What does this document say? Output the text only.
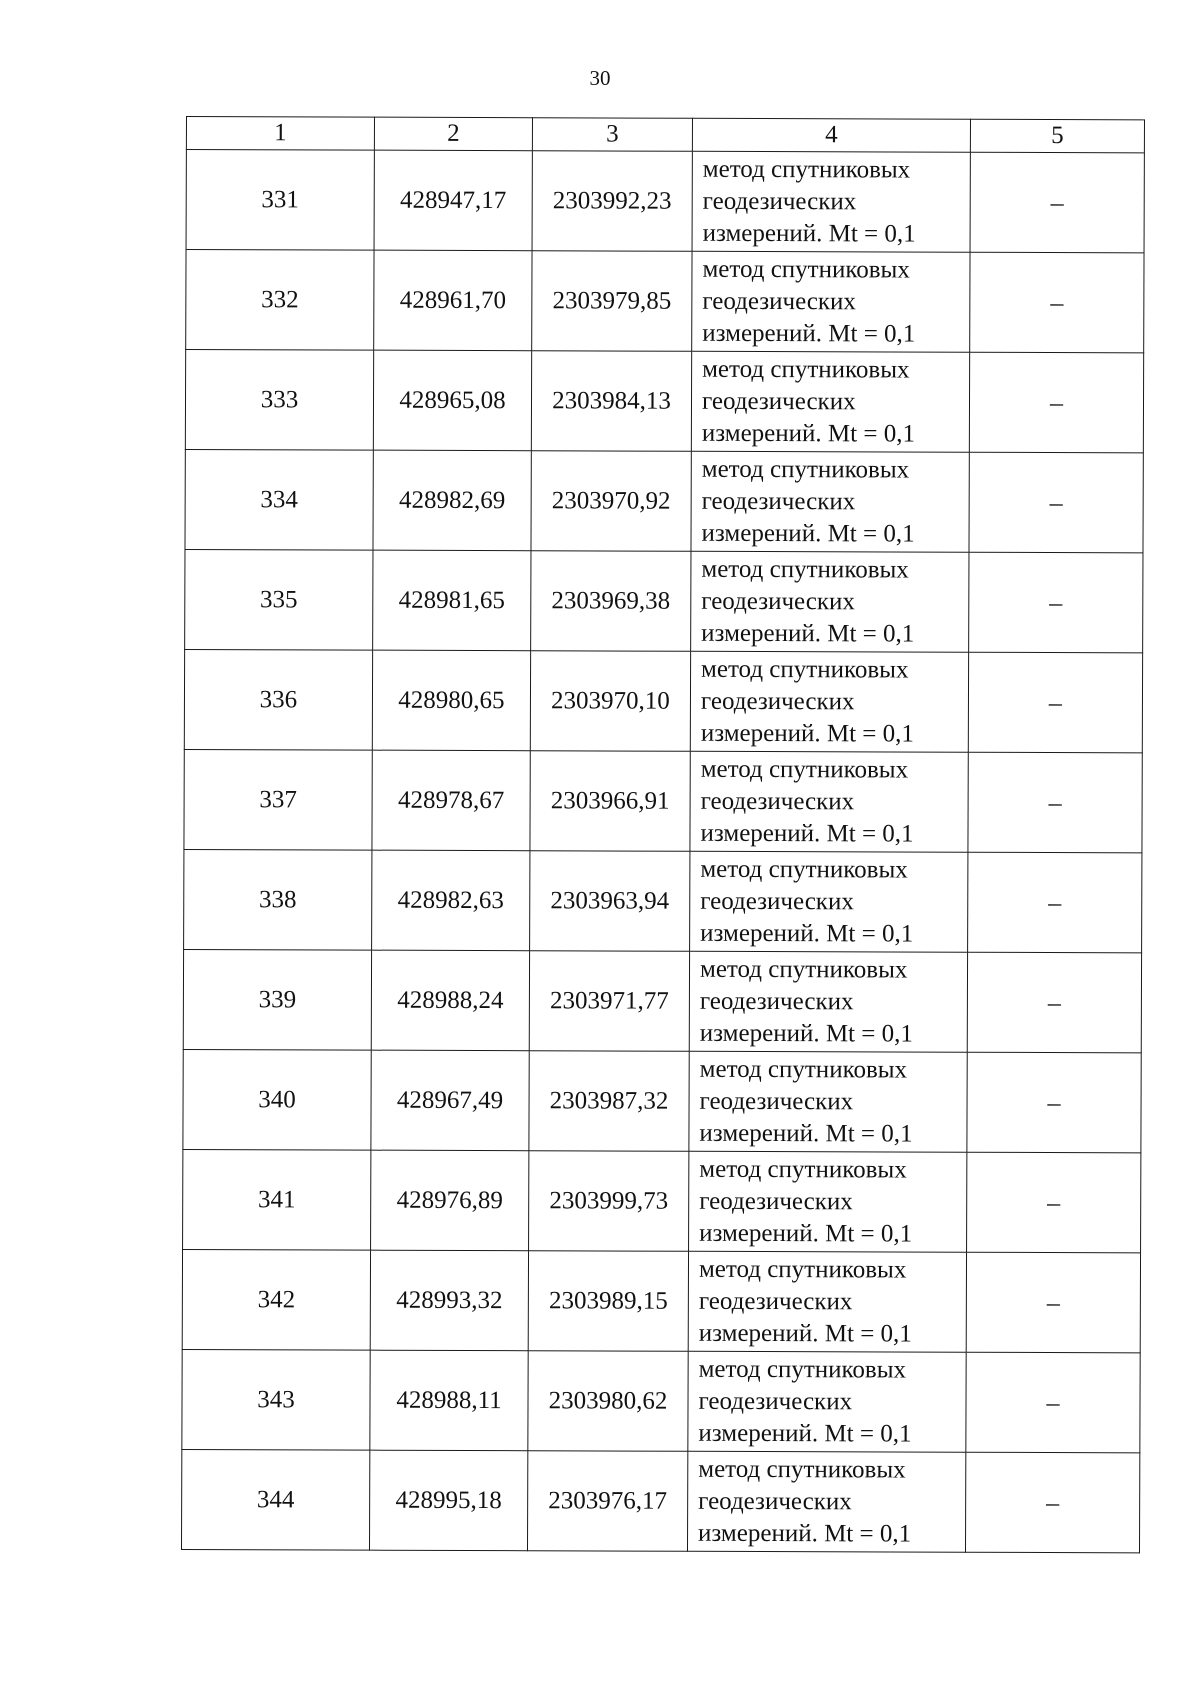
30
1	2	3	4	5
331	428947,17	2303992,23	метод спутниковых
геодезических
измерений. Mt = 0,1	–
332	428961,70	2303979,85	метод спутниковых
геодезических
измерений. Mt = 0,1	–
333	428965,08	2303984,13	метод спутниковых
геодезических
измерений. Mt = 0,1	–
334	428982,69	2303970,92	метод спутниковых
геодезических
измерений. Mt = 0,1	–
335	428981,65	2303969,38	метод спутниковых
геодезических
измерений. Mt = 0,1	–
336	428980,65	2303970,10	метод спутниковых
геодезических
измерений. Mt = 0,1	–
337	428978,67	2303966,91	метод спутниковых
геодезических
измерений. Mt = 0,1	–
338	428982,63	2303963,94	метод спутниковых
геодезических
измерений. Mt = 0,1	–
339	428988,24	2303971,77	метод спутниковых
геодезических
измерений. Mt = 0,1	–
340	428967,49	2303987,32	метод спутниковых
геодезических
измерений. Mt = 0,1	–
341	428976,89	2303999,73	метод спутниковых
геодезических
измерений. Mt = 0,1	–
342	428993,32	2303989,15	метод спутниковых
геодезических
измерений. Mt = 0,1	–
343	428988,11	2303980,62	метод спутниковых
геодезических
измерений. Mt = 0,1	–
344	428995,18	2303976,17	метод спутниковых
геодезических
измерений. Mt = 0,1	–
